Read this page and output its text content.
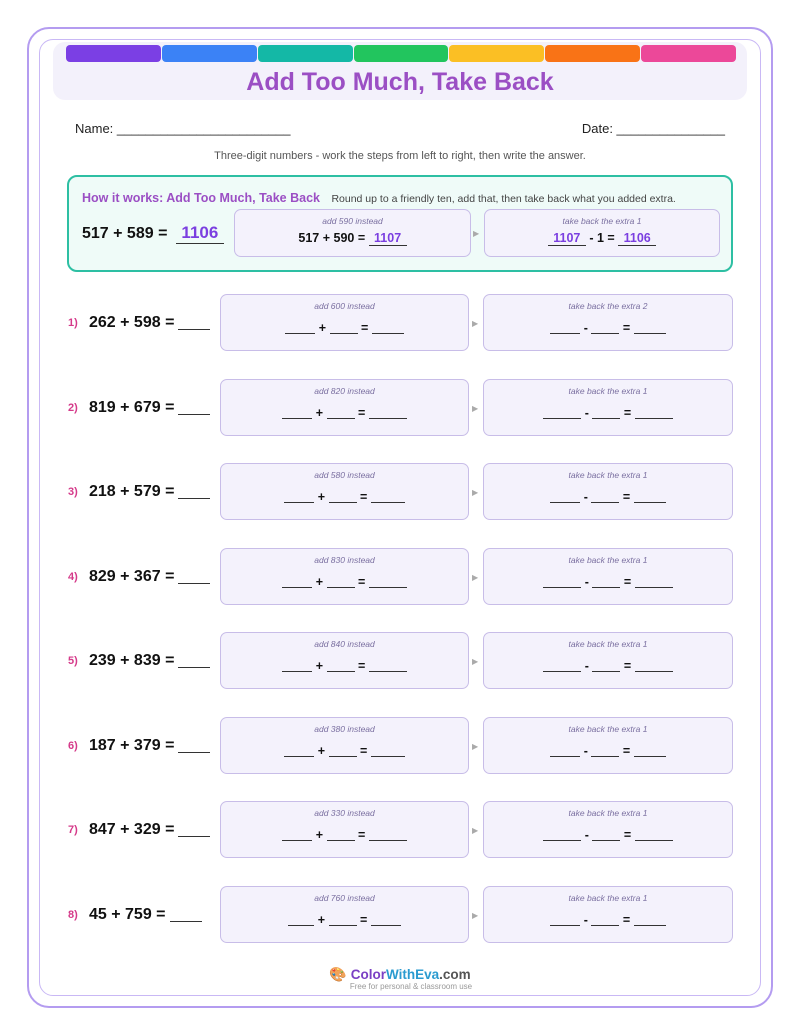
Add Too Much, Take Back
Name: ________________________	Date: _______________
Three-digit numbers - work the steps from left to right, then write the answer.
How it works: Add Too Much, Take Back Round up to a friendly ten, add that, then take back what you added extra.
517 + 589 = 1106
add 590 instead
517 + 590 = 1107	▶
take back the extra 1
1107 - 1 = 1106
1) 262 + 598 =
add 600 instead
+	=	▶
take back the extra 2
-	=
2) 819 + 679 =
add 820 instead
+	=	▶
take back the extra 1
-	=
3) 218 + 579 =
add 580 instead
+	=	▶
take back the extra 1
-	=
4) 829 + 367 =
add 830 instead
+	=	▶
take back the extra 1
-	=
5) 239 + 839 =
add 840 instead
+	=	▶
take back the extra 1
-	=
6) 187 + 379 =
add 380 instead
+	=	▶
take back the extra 1
-	=
7) 847 + 329 =
add 330 instead
+	=	▶
take back the extra 1
-	=
8) 45 + 759 =
add 760 instead
+	=	▶
take back the extra 1
-	=
🎨 ColorWithEva.com
Free for personal & classroom use
